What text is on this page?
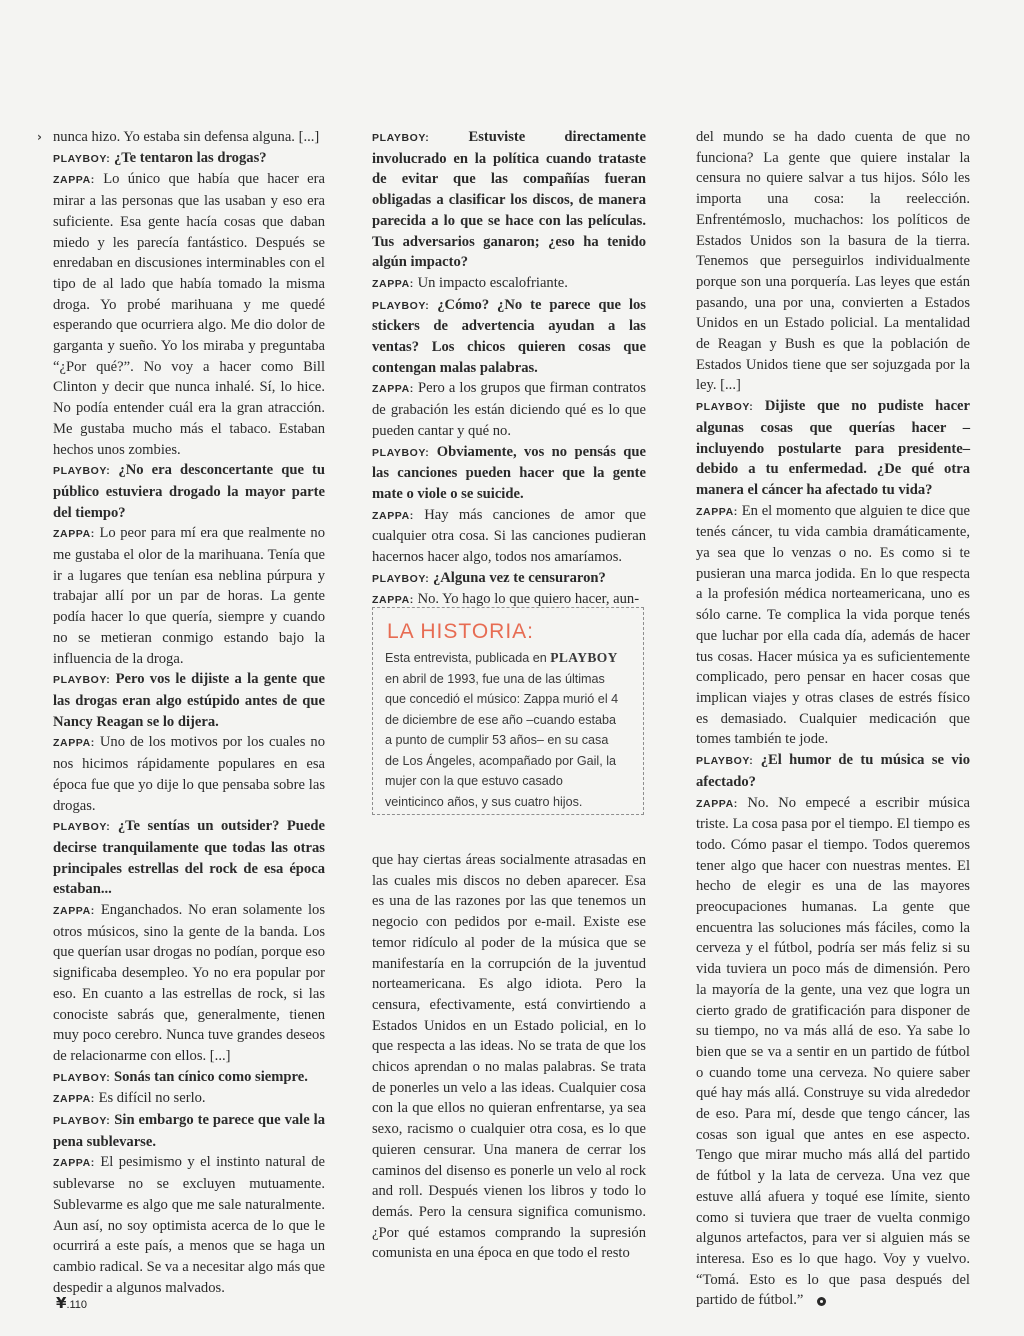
› nunca hizo. Yo estaba sin defensa alguna. [...]

PLAYBOY: ¿Te tentaron las drogas?

ZAPPA: Lo único que había que hacer era mirar a las personas que las usaban y eso era suficiente. Esa gente hacía cosas que daban miedo y les parecía fantástico. Después se enredaban en discusiones interminables con el tipo de al lado que había tomado la misma droga. Yo probé marihuana y me quedé esperando que ocurriera algo. Me dio dolor de garganta y sueño. Yo los miraba y preguntaba “¿Por qué?”. No voy a hacer como Bill Clinton y decir que nunca inhalé. Sí, lo hice. No podía entender cuál era la gran atracción. Me gustaba mucho más el tabaco. Estaban hechos unos zombies.

PLAYBOY: ¿No era desconcertante que tu público estuviera drogado la mayor parte del tiempo?

ZAPPA: Lo peor para mí era que realmente no me gustaba el olor de la marihuana. Tenía que ir a lugares que tenían esa neblina púrpura y trabajar allí por un par de horas. La gente podía hacer lo que quería, siempre y cuando no se metieran conmigo estando bajo la influencia de la droga.

PLAYBOY: Pero vos le dijiste a la gente que las drogas eran algo estúpido antes de que Nancy Reagan se lo dijera.

ZAPPA: Uno de los motivos por los cuales no nos hicimos rápidamente populares en esa época fue que yo dije lo que pensaba sobre las drogas.

PLAYBOY: ¿Te sentías un outsider? Puede decirse tranquilamente que todas las otras principales estrellas del rock de esa época estaban...

ZAPPA: Enganchados. No eran solamente los otros músicos, sino la gente de la banda. Los que querían usar drogas no podían, porque eso significaba desempleo. Yo no era popular por eso. En cuanto a las estrellas de rock, si las conociste sabrás que, generalmente, tienen muy poco cerebro. Nunca tuve grandes deseos de relacionarme con ellos. [...]

PLAYBOY: Sonás tan cínico como siempre.

ZAPPA: Es difícil no serlo.

PLAYBOY: Sin embargo te parece que vale la pena sublevarse.

ZAPPA: El pesimismo y el instinto natural de sublevarse no se excluyen mutuamente. Sublevarme es algo que me sale naturalmente. Aun así, no soy optimista acerca de lo que le ocurrirá a este país, a menos que se haga un cambio radical. Se va a necesitar algo más que despedir a algunos malvados.

PLAYBOY:	Estuviste directamente involucrado en la política cuando trataste de evitar que las compañías fueran obligadas a clasificar los discos, de manera parecida a lo que se hace con las películas. Tus adversarios ganaron; ¿eso ha tenido algún impacto?

ZAPPA: Un impacto escalofriante.

PLAYBOY: ¿Cómo? ¿No te parece que los stickers de advertencia ayudan a las ventas? Los chicos quieren cosas que contengan malas palabras.

ZAPPA: Pero a los grupos que firman contratos de grabación les están diciendo qué es lo que pueden cantar y qué no.

PLAYBOY: Obviamente, vos no pensás que las canciones pueden hacer que la gente mate o viole o se suicide.

ZAPPA: Hay más canciones de amor que cualquier otra cosa. Si las canciones pudieran hacernos hacer algo, todos nos amaríamos.

PLAYBOY: ¿Alguna vez te censuraron?

ZAPPA: No. Yo hago lo que quiero hacer, aun-

LA HISTORIA:
Esta entrevista, publicada en PLAYBOY en abril de 1993, fue una de las últimas que concedió el músico: Zappa murió el 4 de diciembre de ese año –cuando estaba a punto de cumplir 53 años– en su casa de Los Ángeles, acompañado por Gail, la mujer con la que estuvo casado veinticinco años, y sus cuatro hijos.

que hay ciertas áreas socialmente atrasadas en las cuales mis discos no deben aparecer. Esa es una de las razones por las que tenemos un negocio con pedidos por e-mail. Existe ese temor ridículo al poder de la música que se manifestaría en la corrupción de la juventud norteamericana. Es algo idiota. Pero la censura, efectivamente, está convirtiendo a Estados Unidos en un Estado policial, en lo que respecta a las ideas. No se trata de que los chicos aprendan o no malas palabras. Se trata de ponerles un velo a las ideas. Cualquier cosa con la que ellos no quieran enfrentarse, ya sea sexo, racismo o cualquier otra cosa, es lo que quieren censurar. Una manera de cerrar los caminos del disenso es ponerle un velo al rock and roll. Después vienen los libros y todo lo demás. Pero la censura significa comunismo. ¿Por qué estamos comprando la supresión comunista en una época en que todo el resto

del mundo se ha dado cuenta de que no funciona? La gente que quiere instalar la censura no quiere salvar a tus hijos. Sólo les importa una cosa: la reelección. Enfrentémoslo, muchachos: los políticos de Estados Unidos son la basura de la tierra. Tenemos que perseguirlos individualmente porque son una porquería. Las leyes que están pasando, una por una, convierten a Estados Unidos en un Estado policial. La mentalidad de Reagan y Bush es que la población de Estados Unidos tiene que ser sojuzgada por la ley. [...]

PLAYBOY: Dijiste que no pudiste hacer algunas cosas que querías hacer –incluyendo postularte para presidente– debido a tu enfermedad. ¿De qué otra manera el cáncer ha afectado tu vida?

ZAPPA: En el momento que alguien te dice que tenés cáncer, tu vida cambia dramáticamente, ya sea que lo venzas o no. Es como si te pusieran una marca jodida. En lo que respecta a la profesión médica norteamericana, uno es sólo carne. Te complica la vida porque tenés que luchar por ella cada día, además de hacer tus cosas. Hacer música ya es suficientemente complicado, pero pensar en hacer cosas que implican viajes y otras clases de estrés físico es demasiado. Cualquier medicación que tomes también te jode.

PLAYBOY: ¿El humor de tu música se vio afectado?

ZAPPA: No. No empecé a escribir música triste. La cosa pasa por el tiempo. El tiempo es todo. Cómo pasar el tiempo. Todos queremos tener algo que hacer con nuestras mentes. El hecho de elegir es una de las mayores preocupaciones humanas. La gente que encuentra las soluciones más fáciles, como la cerveza y el fútbol, podría ser más feliz si su vida tuviera un poco más de dimensión. Pero la mayoría de la gente, una vez que logra un cierto grado de gratificación para disponer de su tiempo, no va más allá de eso. Ya sabe lo bien que se va a sentir en un partido de fútbol o cuando tome una cerveza. No quiere saber qué hay más allá. Construye su vida alrededor de eso. Para mí, desde que tengo cáncer, las cosas son igual que antes en ese aspecto. Tengo que mirar mucho más allá del partido de fútbol y la lata de cerveza. Una vez que estuve allá afuera y toqué ese límite, siento como si tuviera que traer de vuelta conmigo algunos artefactos, para ver si alguien más se interesa. Eso es lo que hago. Voy y vuelvo. “Tomá. Esto es lo que pasa después del partido de fútbol.”

¥.110
